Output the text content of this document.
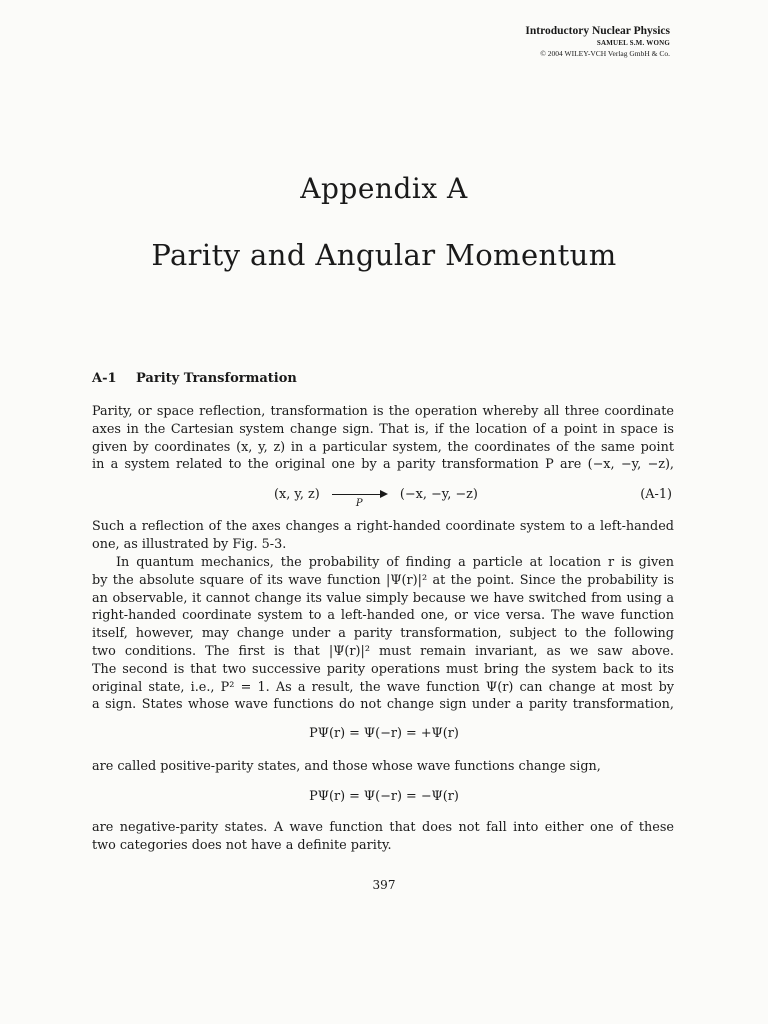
Introductory Nuclear Physics
SAMUEL S.M. WONG
© 2004 WILEY-VCH Verlag GmbH & Co.
Appendix A
Parity and Angular Momentum
A-1 Parity Transformation
Parity, or space reflection, transformation is the operation whereby all three coordinate
axes in the Cartesian system change sign. That is, if the location of a point in space is
given by coordinates (x, y, z) in a particular system, the coordinates of the same point
in a system related to the original one by a parity transformation P are (−x, −y, −z),
(x, y, z)
P
(−x, −y, −z)	(A-1)
Such a reflection of the axes changes a right-handed coordinate system to a left-handed
one, as illustrated by Fig. 5-3.
In quantum mechanics, the probability of finding a particle at location r is given
by the absolute square of its wave function |Ψ(r)|² at the point. Since the probability is
an observable, it cannot change its value simply because we have switched from using a
right-handed coordinate system to a left-handed one, or vice versa. The wave function
itself, however, may change under a parity transformation, subject to the following
two conditions. The first is that |Ψ(r)|² must remain invariant, as we saw above.
The second is that two successive parity operations must bring the system back to its
original state, i.e., P² = 1. As a result, the wave function Ψ(r) can change at most by
a sign. States whose wave functions do not change sign under a parity transformation,
PΨ(r) = Ψ(−r) = +Ψ(r)
are called positive-parity states, and those whose wave functions change sign,
PΨ(r) = Ψ(−r) = −Ψ(r)
are negative-parity states. A wave function that does not fall into either one of these
two categories does not have a definite parity.
397
